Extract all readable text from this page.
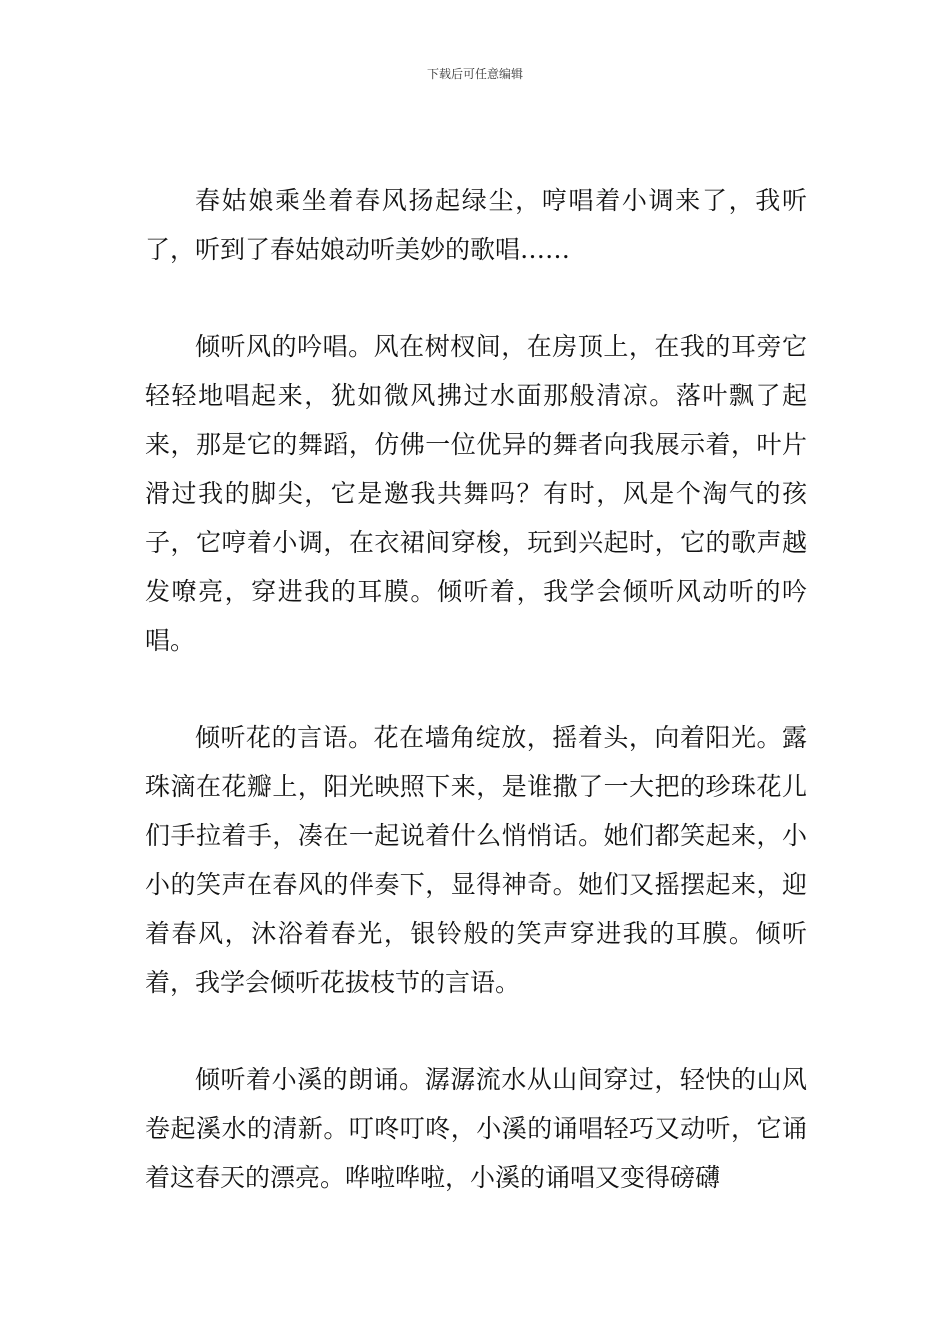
下载后可任意编辑

春姑娘乘坐着春风扬起绿尘，哼唱着小调来了，我听了，听到了春姑娘动听美妙的歌唱……

倾听风的吟唱。风在树杈间，在房顶上，在我的耳旁它轻轻地唱起来，犹如微风拂过水面那般清凉。落叶飘了起来，那是它的舞蹈，仿佛一位优异的舞者向我展示着，叶片滑过我的脚尖，它是邀我共舞吗？有时，风是个淘气的孩子，它哼着小调，在衣裙间穿梭，玩到兴起时，它的歌声越发嘹亮，穿进我的耳膜。倾听着，我学会倾听风动听的吟唱。

倾听花的言语。花在墙角绽放，摇着头，向着阳光。露珠滴在花瓣上，阳光映照下来，是谁撒了一大把的珍珠花儿们手拉着手，凑在一起说着什么悄悄话。她们都笑起来，小小的笑声在春风的伴奏下，显得神奇。她们又摇摆起来，迎着春风，沐浴着春光，银铃般的笑声穿进我的耳膜。倾听着，我学会倾听花拔枝节的言语。

倾听着小溪的朗诵。潺潺流水从山间穿过，轻快的山风卷起溪水的清新。叮咚叮咚，小溪的诵唱轻巧又动听，它诵着这春天的漂亮。哗啦哗啦，小溪的诵唱又变得磅礴
